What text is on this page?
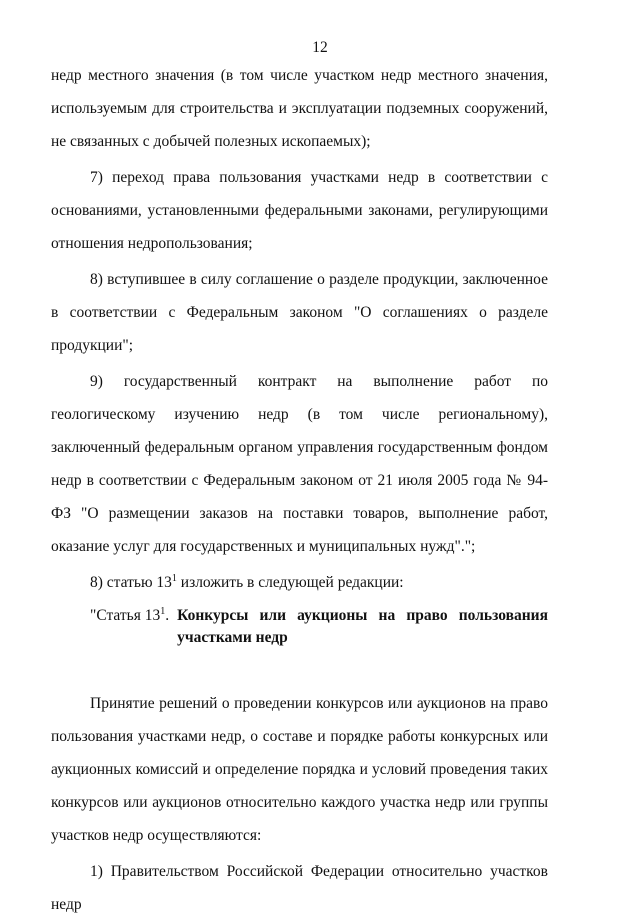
12

недр местного значения (в том числе участком недр местного значения, используемым для строительства и эксплуатации подземных сооружений, не связанных с добычей полезных ископаемых);

7) переход права пользования участками недр в соответствии с основаниями, установленными федеральными законами, регулирующими отношения недропользования;

8) вступившее в силу соглашение о разделе продукции, заключенное в соответствии с Федеральным законом "О соглашениях о разделе продукции";

9) государственный контракт на выполнение работ по геологическому изучению недр (в том числе региональному), заключенный федеральным органом управления государственным фондом недр в соответствии с Федеральным законом от 21 июля 2005 года № 94-ФЗ "О размещении заказов на поставки товаров, выполнение работ, оказание услуг для государственных и муниципальных нужд".";

8) статью $13^1$ изложить в следующей редакции:

"Статья $13^1$. Конкурсы или аукционы на право пользования участками недр

Принятие решений о проведении конкурсов или аукционов на право пользования участками недр, о составе и порядке работы конкурсных или аукционных комиссий и определение порядка и условий проведения таких конкурсов или аукционов относительно каждого участка недр или группы участков недр осуществляются:

1) Правительством Российской Федерации относительно участков недр
